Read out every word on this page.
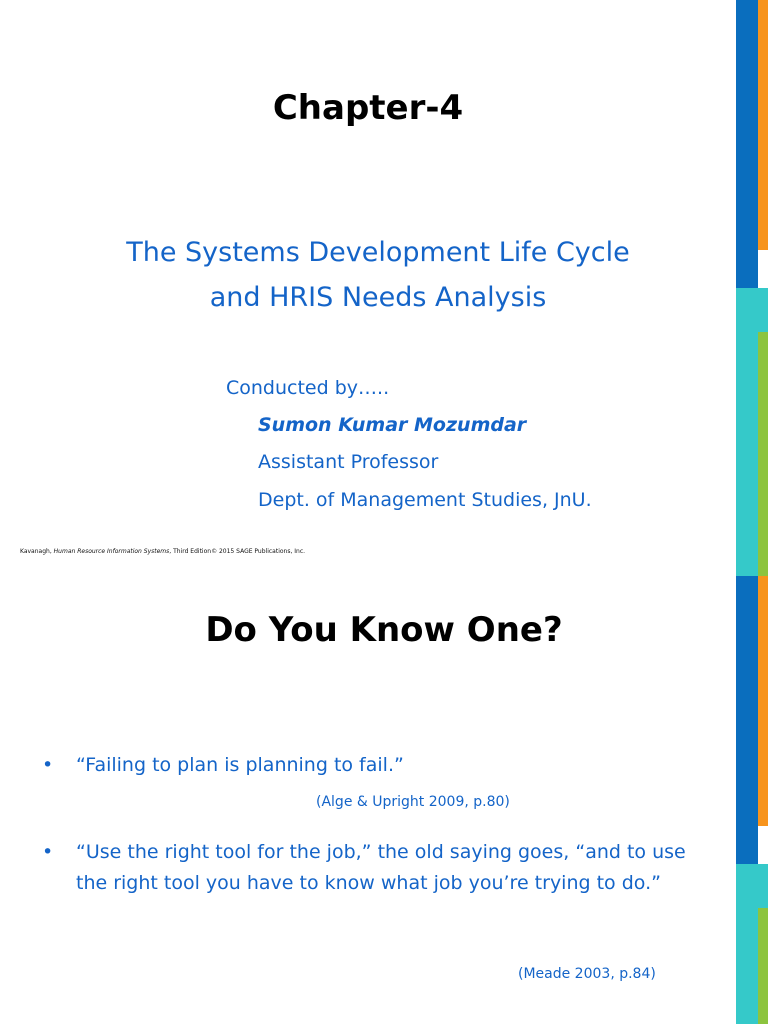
Chapter-4
The Systems Development Life Cycle
and HRIS Needs Analysis
Conducted by…..
Sumon Kumar Mozumdar
Assistant Professor
Dept. of Management Studies, JnU.
Kavanagh, Human Resource Information Systems, Third Edition© 2015 SAGE Publications, Inc.
Do You Know One?
• “Failing to plan is planning to fail.”
• “Use the right tool for the job,” the old saying goes, “and to use the right tool you have to know what job you’re trying to do.”
(Alge & Upright 2009, p.80)
(Meade 2003, p.84)
